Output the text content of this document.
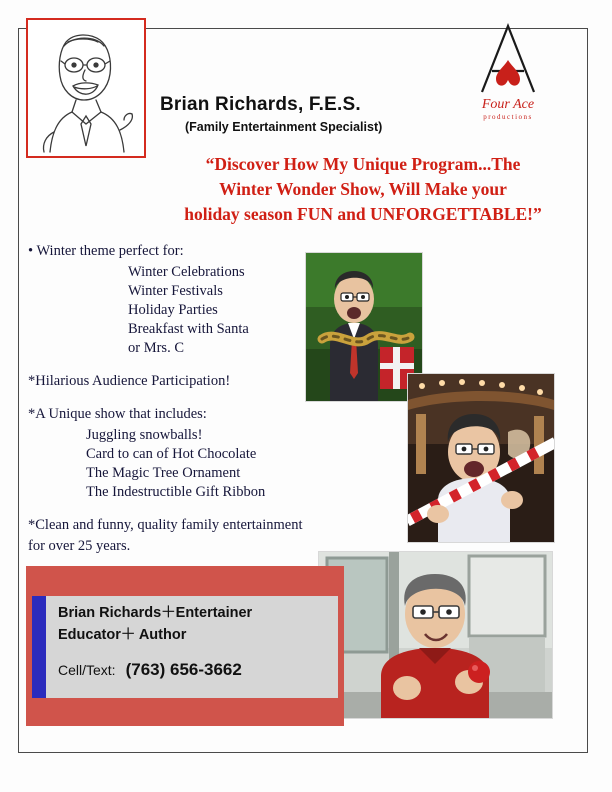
Four Ace
productions
Brian Richards, F.E.S.
(Family Entertainment Specialist)
“Discover How My Unique Program...The
Winter Wonder Show, Will Make your
holiday season FUN and UNFORGETTABLE!”
• Winter theme perfect for:
Winter Celebrations
Winter Festivals
Holiday Parties
Breakfast with Santa
or Mrs. C
*Hilarious Audience Participation!
*A Unique show that includes:
Juggling snowballs!
Card to can of Hot Chocolate
The Magic Tree Ornament
The Indestructible Gift Ribbon
*Clean and funny, quality family entertainment
for over 25 years.
Brian Richards＋Entertainer
Educator＋ Author
Cell/Text: (763) 656-3662
